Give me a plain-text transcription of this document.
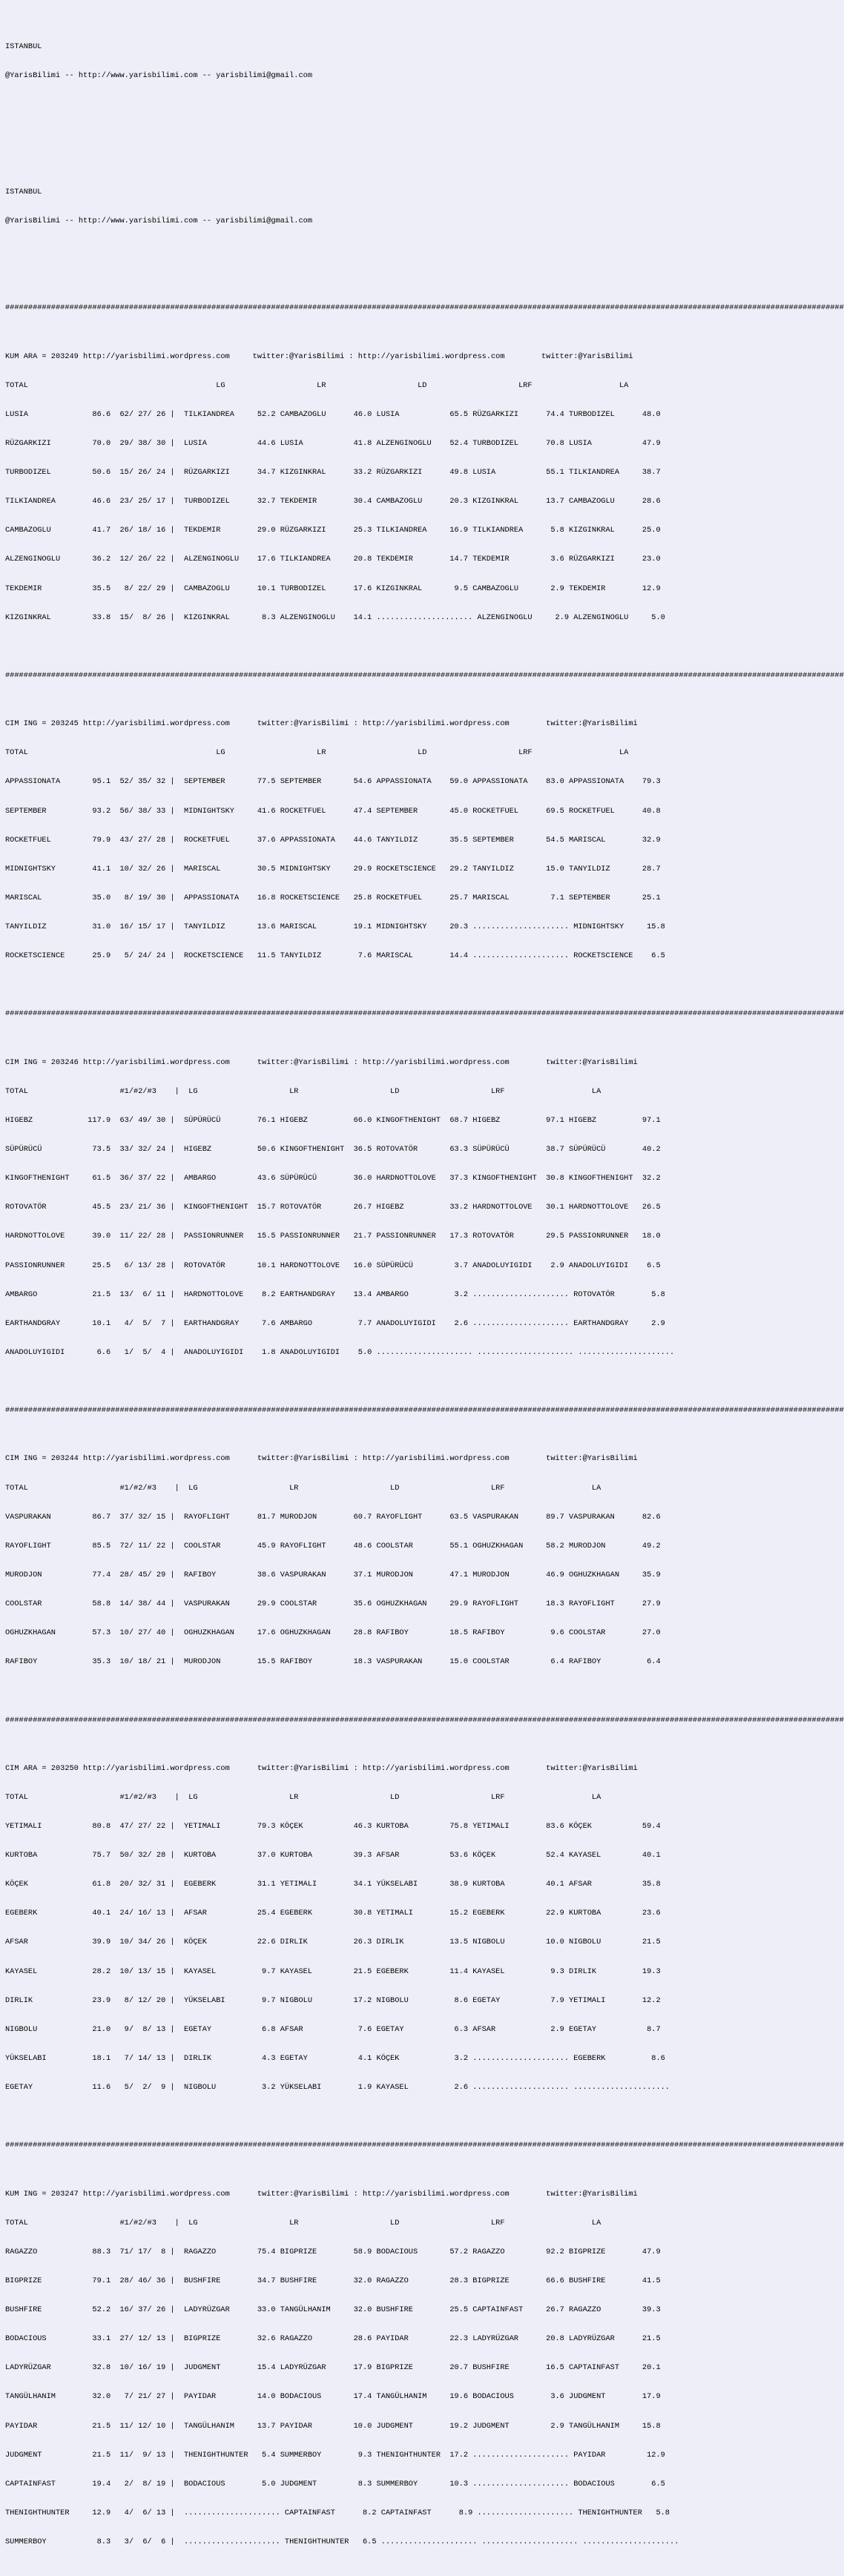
ISTANBUL

@YarisBilimi -- http://www.yarisbilimi.com -- yarisbilimi@gmail.com

ISTANBUL

@YarisBilimi -- http://www.yarisbilimi.com -- yarisbilimi@gmail.com

#######################################################################################################################################################################################

KUM ARA = 203249 http://yarisbilimi.wordpress.com     twitter:@YarisBilimi : http://yarisbilimi.wordpress.com        twitter:@YarisBilimi

TOTAL                                         LG                    LR                    LD                    LRF                   LA

LUSIA              86.6  62/ 27/ 26 |  TILKIANDREA     52.2 CAMBAZOGLU      46.0 LUSIA           65.5 RÜZGARKIZI      74.4 TURBODIZEL      48.0

RÜZGARKIZI         70.0  29/ 38/ 30 |  LUSIA           44.6 LUSIA           41.8 ALZENGINOGLU    52.4 TURBODIZEL      70.8 LUSIA           47.9

TURBODIZEL         50.6  15/ 26/ 24 |  RÜZGARKIZI      34.7 KIZGINKRAL      33.2 RÜZGARKIZI      49.8 LUSIA           55.1 TILKIANDREA     38.7

TILKIANDREA        46.6  23/ 25/ 17 |  TURBODIZEL      32.7 TEKDEMIR        30.4 CAMBAZOGLU      20.3 KIZGINKRAL      13.7 CAMBAZOGLU      28.6

CAMBAZOGLU         41.7  26/ 18/ 16 |  TEKDEMIR        29.0 RÜZGARKIZI      25.3 TILKIANDREA     16.9 TILKIANDREA      5.8 KIZGINKRAL      25.0

ALZENGINOGLU       36.2  12/ 26/ 22 |  ALZENGINOGLU    17.6 TILKIANDREA     20.8 TEKDEMIR        14.7 TEKDEMIR         3.6 RÜZGARKIZI      23.0

TEKDEMIR           35.5   8/ 22/ 29 |  CAMBAZOGLU      10.1 TURBODIZEL      17.6 KIZGINKRAL       9.5 CAMBAZOGLU       2.9 TEKDEMIR        12.9

KIZGINKRAL         33.8  15/  8/ 26 |  KIZGINKRAL       8.3 ALZENGINOGLU    14.1 ..................... ALZENGINOGLU     2.9 ALZENGINOGLU     5.0

#######################################################################################################################################################################################

CIM ING = 203245 http://yarisbilimi.wordpress.com      twitter:@YarisBilimi : http://yarisbilimi.wordpress.com        twitter:@YarisBilimi

TOTAL                                         LG                    LR                    LD                    LRF                   LA

APPASSIONATA       95.1  52/ 35/ 32 |  SEPTEMBER       77.5 SEPTEMBER       54.6 APPASSIONATA    59.0 APPASSIONATA    83.0 APPASSIONATA    79.3

SEPTEMBER          93.2  56/ 38/ 33 |  MIDNIGHTSKY     41.6 ROCKETFUEL      47.4 SEPTEMBER       45.0 ROCKETFUEL      69.5 ROCKETFUEL      40.8

ROCKETFUEL         79.9  43/ 27/ 28 |  ROCKETFUEL      37.6 APPASSIONATA    44.6 TANYILDIZ       35.5 SEPTEMBER       54.5 MARISCAL        32.9

MIDNIGHTSKY        41.1  10/ 32/ 26 |  MARISCAL        30.5 MIDNIGHTSKY     29.9 ROCKETSCIENCE   29.2 TANYILDIZ       15.0 TANYILDIZ       28.7

MARISCAL           35.0   8/ 19/ 30 |  APPASSIONATA    16.8 ROCKETSCIENCE   25.8 ROCKETFUEL      25.7 MARISCAL         7.1 SEPTEMBER       25.1

TANYILDIZ          31.0  16/ 15/ 17 |  TANYILDIZ       13.6 MARISCAL        19.1 MIDNIGHTSKY     20.3 ..................... MIDNIGHTSKY     15.8

ROCKETSCIENCE      25.9   5/ 24/ 24 |  ROCKETSCIENCE   11.5 TANYILDIZ        7.6 MARISCAL        14.4 ..................... ROCKETSCIENCE    6.5

#######################################################################################################################################################################################

CIM ING = 203246 http://yarisbilimi.wordpress.com      twitter:@YarisBilimi : http://yarisbilimi.wordpress.com        twitter:@YarisBilimi

TOTAL                    #1/#2/#3    |  LG                    LR                    LD                    LRF                   LA

HIGEBZ            117.9  63/ 49/ 30 |  SÜPÜRÜCÜ        76.1 HIGEBZ          66.0 KINGOFTHENIGHT  68.7 HIGEBZ          97.1 HIGEBZ          97.1

SÜPÜRÜCÜ           73.5  33/ 32/ 24 |  HIGEBZ          50.6 KINGOFTHENIGHT  36.5 ROTOVATÖR       63.3 SÜPÜRÜCÜ        38.7 SÜPÜRÜCÜ        40.2

KINGOFTHENIGHT     61.5  36/ 37/ 22 |  AMBARGO         43.6 SÜPÜRÜCÜ        36.0 HARDNOTTOLOVE   37.3 KINGOFTHENIGHT  30.8 KINGOFTHENIGHT  32.2

ROTOVATÖR          45.5  23/ 21/ 36 |  KINGOFTHENIGHT  15.7 ROTOVATÖR       26.7 HIGEBZ          33.2 HARDNOTTOLOVE   30.1 HARDNOTTOLOVE   26.5

HARDNOTTOLOVE      39.0  11/ 22/ 28 |  PASSIONRUNNER   15.5 PASSIONRUNNER   21.7 PASSIONRUNNER   17.3 ROTOVATÖR       29.5 PASSIONRUNNER   18.0

PASSIONRUNNER      25.5   6/ 13/ 28 |  ROTOVATÖR       10.1 HARDNOTTOLOVE   16.0 SÜPÜRÜCÜ         3.7 ANADOLUYIGIDI    2.9 ANADOLUYIGIDI    6.5

AMBARGO            21.5  13/  6/ 11 |  HARDNOTTOLOVE    8.2 EARTHANDGRAY    13.4 AMBARGO          3.2 ..................... ROTOVATÖR        5.8

EARTHANDGRAY       10.1   4/  5/  7 |  EARTHANDGRAY     7.6 AMBARGO          7.7 ANADOLUYIGIDI    2.6 ..................... EARTHANDGRAY     2.9

ANADOLUYIGIDI       6.6   1/  5/  4 |  ANADOLUYIGIDI    1.8 ANADOLUYIGIDI    5.0 ..................... ..................... .....................

#######################################################################################################################################################################################

CIM ING = 203244 http://yarisbilimi.wordpress.com      twitter:@YarisBilimi : http://yarisbilimi.wordpress.com        twitter:@YarisBilimi

TOTAL                    #1/#2/#3    |  LG                    LR                    LD                    LRF                   LA

VASPURAKAN         86.7  37/ 32/ 15 |  RAYOFLIGHT      81.7 MURODJON        60.7 RAYOFLIGHT      63.5 VASPURAKAN      89.7 VASPURAKAN      82.6

RAYOFLIGHT         85.5  72/ 11/ 22 |  COOLSTAR        45.9 RAYOFLIGHT      48.6 COOLSTAR        55.1 OGHUZKHAGAN     58.2 MURODJON        49.2

MURODJON           77.4  28/ 45/ 29 |  RAFIBOY         38.6 VASPURAKAN      37.1 MURODJON        47.1 MURODJON        46.9 OGHUZKHAGAN     35.9

COOLSTAR           58.8  14/ 38/ 44 |  VASPURAKAN      29.9 COOLSTAR        35.6 OGHUZKHAGAN     29.9 RAYOFLIGHT      18.3 RAYOFLIGHT      27.9

OGHUZKHAGAN        57.3  10/ 27/ 40 |  OGHUZKHAGAN     17.6 OGHUZKHAGAN     28.8 RAFIBOY         18.5 RAFIBOY          9.6 COOLSTAR        27.0

RAFIBOY            35.3  10/ 18/ 21 |  MURODJON        15.5 RAFIBOY         18.3 VASPURAKAN      15.0 COOLSTAR         6.4 RAFIBOY          6.4

#######################################################################################################################################################################################

CIM ARA = 203250 http://yarisbilimi.wordpress.com      twitter:@YarisBilimi : http://yarisbilimi.wordpress.com        twitter:@YarisBilimi

TOTAL                    #1/#2/#3    |  LG                    LR                    LD                    LRF                   LA

YETIMALI           80.8  47/ 27/ 22 |  YETIMALI        79.3 KÖÇEK           46.3 KURTOBA         75.8 YETIMALI        83.6 KÖÇEK           59.4

KURTOBA            75.7  50/ 32/ 28 |  KURTOBA         37.0 KURTOBA         39.3 AFSAR           53.6 KÖÇEK           52.4 KAYASEL         40.1

KÖÇEK              61.8  20/ 32/ 31 |  EGEBERK         31.1 YETIMALI        34.1 YÜKSELABI       38.9 KURTOBA         40.1 AFSAR           35.8

EGEBERK            40.1  24/ 16/ 13 |  AFSAR           25.4 EGEBERK         30.8 YETIMALI        15.2 EGEBERK         22.9 KURTOBA         23.6

AFSAR              39.9  10/ 34/ 26 |  KÖÇEK           22.6 DIRLIK          26.3 DIRLIK          13.5 NIGBOLU         10.0 NIGBOLU         21.5

KAYASEL            28.2  10/ 13/ 15 |  KAYASEL          9.7 KAYASEL         21.5 EGEBERK         11.4 KAYASEL          9.3 DIRLIK          19.3

DIRLIK             23.9   8/ 12/ 20 |  YÜKSELABI        9.7 NIGBOLU         17.2 NIGBOLU          8.6 EGETAY           7.9 YETIMALI        12.2

NIGBOLU            21.0   9/  8/ 13 |  EGETAY           6.8 AFSAR            7.6 EGETAY           6.3 AFSAR            2.9 EGETAY           8.7

YÜKSELABI          18.1   7/ 14/ 13 |  DIRLIK           4.3 EGETAY           4.1 KÖÇEK            3.2 ..................... EGEBERK          8.6

EGETAY             11.6   5/  2/  9 |  NIGBOLU          3.2 YÜKSELABI        1.9 KAYASEL          2.6 ..................... .....................

#######################################################################################################################################################################################

KUM ING = 203247 http://yarisbilimi.wordpress.com      twitter:@YarisBilimi : http://yarisbilimi.wordpress.com        twitter:@YarisBilimi

TOTAL                    #1/#2/#3    |  LG                    LR                    LD                    LRF                   LA

RAGAZZO            88.3  71/ 17/  8 |  RAGAZZO         75.4 BIGPRIZE        58.9 BODACIOUS       57.2 RAGAZZO         92.2 BIGPRIZE        47.9

BIGPRIZE           79.1  28/ 46/ 36 |  BUSHFIRE        34.7 BUSHFIRE        32.0 RAGAZZO         28.3 BIGPRIZE        66.6 BUSHFIRE        41.5

BUSHFIRE           52.2  16/ 37/ 26 |  LADYRÜZGAR      33.0 TANGÜLHANIM     32.0 BUSHFIRE        25.5 CAPTAINFAST     26.7 RAGAZZO         39.3

BODACIOUS          33.1  27/ 12/ 13 |  BIGPRIZE        32.6 RAGAZZO         28.6 PAYIDAR         22.3 LADYRÜZGAR      20.8 LADYRÜZGAR      21.5

LADYRÜZGAR         32.8  10/ 16/ 19 |  JUDGMENT        15.4 LADYRÜZGAR      17.9 BIGPRIZE        20.7 BUSHFIRE        16.5 CAPTAINFAST     20.1

TANGÜLHANIM        32.0   7/ 21/ 27 |  PAYIDAR         14.0 BODACIOUS       17.4 TANGÜLHANIM     19.6 BODACIOUS        3.6 JUDGMENT        17.9

PAYIDAR            21.5  11/ 12/ 10 |  TANGÜLHANIM     13.7 PAYIDAR         10.0 JUDGMENT        19.2 JUDGMENT         2.9 TANGÜLHANIM     15.8

JUDGMENT           21.5  11/  9/ 13 |  THENIGHTHUNTER   5.4 SUMMERBOY        9.3 THENIGHTHUNTER  17.2 ..................... PAYIDAR         12.9

CAPTAINFAST        19.4   2/  8/ 19 |  BODACIOUS        5.0 JUDGMENT         8.3 SUMMERBOY       10.3 ..................... BODACIOUS        6.5

THENIGHTHUNTER     12.9   4/  6/ 13 |  ..................... CAPTAINFAST      8.2 CAPTAINFAST      8.9 ..................... THENIGHTHUNTER   5.8

SUMMERBOY           8.3   3/  6/  6 |  ..................... THENIGHTHUNTER   6.5 ..................... ..................... .....................
